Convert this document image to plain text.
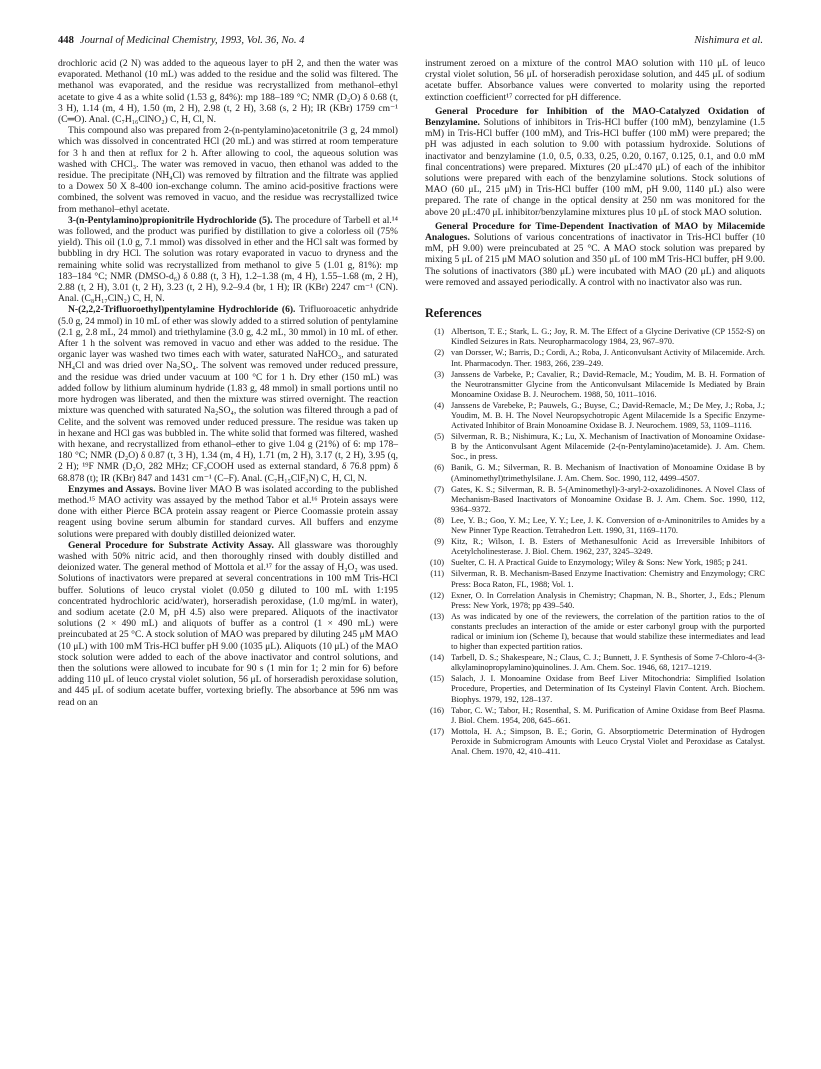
448 Journal of Medicinal Chemistry, 1993, Vol. 36, No. 4	Nishimura et al.

drochloric acid (2 N) was added to the aqueous layer to pH 2, and then the water was evaporated. Methanol (10 mL) was added to the residue and the solid was filtered. The methanol was evaporated, and the residue was recrystallized from methanol–ethyl acetate to give 4 as a white solid (1.53 g, 84%): mp 188–189 °C; NMR (D₂O) δ 0.68 (t, 3 H), 1.14 (m, 4 H), 1.50 (m, 2 H), 2.98 (t, 2 H), 3.68 (s, 2 H); IR (KBr) 1759 cm⁻¹ (C═O). Anal. (C₇H₁₆ClNO₂) C, H, Cl, N.

This compound also was prepared from 2-(n-pentylamino)acetonitrile (3 g, 24 mmol) which was dissolved in concentrated HCl (20 mL) and was stirred at room temperature for 3 h and then at reflux for 2 h. After allowing to cool, the aqueous solution was washed with CHCl₃. The water was removed in vacuo, then ethanol was added to the residue. The precipitate (NH₄Cl) was removed by filtration and the filtrate was applied to a Dowex 50 X 8-400 ion-exchange column. The amino acid-positive fractions were combined, the solvent was removed in vacuo, and the residue was recrystallized twice from methanol–ethyl acetate.

3-(n-Pentylamino)propionitrile Hydrochloride (5). The procedure of Tarbell et al.¹⁴ was followed, and the product was purified by distillation to give a colorless oil (75% yield). This oil (1.0 g, 7.1 mmol) was dissolved in ether and the HCl salt was formed by bubbling in dry HCl. The solution was rotary evaporated in vacuo to dryness and the remaining white solid was recrystallized from methanol to give 5 (1.01 g, 81%): mp 183–184 °C; NMR (DMSO-d₆) δ 0.88 (t, 3 H), 1.2–1.38 (m, 4 H), 1.55–1.68 (m, 2 H), 2.88 (t, 2 H), 3.01 (t, 2 H), 3.23 (t, 2 H), 9.2–9.4 (br, 1 H); IR (KBr) 2247 cm⁻¹ (CN). Anal. (C₈H₁₇ClN₂) C, H, N.

N-(2,2,2-Trifluoroethyl)pentylamine Hydrochloride (6). Trifluoroacetic anhydride (5.0 g, 24 mmol) in 10 mL of ether was slowly added to a stirred solution of pentylamine (2.1 g, 2.8 mL, 24 mmol) and triethylamine (3.0 g, 4.2 mL, 30 mmol) in 10 mL of ether. After 1 h the solvent was removed in vacuo and ether was added to the residue. The organic layer was washed two times each with water, saturated NaHCO₃, and saturated NH₄Cl and was dried over Na₂SO₄. The solvent was removed under reduced pressure, and the residue was dried under vacuum at 100 °C for 1 h. Dry ether (150 mL) was added follow by lithium aluminum hydride (1.83 g, 48 mmol) in small portions until no more hydrogen was liberated, and then the mixture was stirred overnight. The reaction mixture was quenched with saturated Na₂SO₄, the solution was filtered through a pad of Celite, and the solvent was removed under reduced pressure. The residue was taken up in hexane and HCl gas was bubbled in. The white solid that formed was filtered, washed with hexane, and recrystallized from ethanol–ether to give 1.04 g (21%) of 6: mp 178–180 °C; NMR (D₂O) δ 0.87 (t, 3 H), 1.34 (m, 4 H), 1.71 (m, 2 H), 3.17 (t, 2 H), 3.95 (q, 2 H); ¹⁹F NMR (D₂O, 282 MHz; CF₃COOH used as external standard, δ 76.8 ppm) δ 68.878 (t); IR (KBr) 847 and 1431 cm⁻¹ (C–F). Anal. (C₇H₁₅ClF₃N) C, H, Cl, N.

Enzymes and Assays. Bovine liver MAO B was isolated according to the published method.¹⁵ MAO activity was assayed by the method Tabor et al.¹⁶ Protein assays were done with either Pierce BCA protein assay reagent or Pierce Coomassie protein assay reagent using bovine serum albumin for standard curves. All buffers and enzyme solutions were prepared with doubly distilled deionized water.

General Procedure for Substrate Activity Assay. All glassware was thoroughly washed with 50% nitric acid, and then thoroughly rinsed with doubly distilled and deionized water. The general method of Mottola et al.¹⁷ for the assay of H₂O₂ was used. Solutions of inactivators were prepared at several concentrations in 100 mM Tris-HCl buffer. Solutions of leuco crystal violet (0.050 g diluted to 100 mL with 1:195 concentrated hydrochloric acid/water), horseradish peroxidase, (1.0 mg/mL in water), and sodium acetate (2.0 M, pH 4.5) also were prepared. Aliquots of the inactivator solutions (2 × 490 mL) and aliquots of buffer as a control (1 × 490 mL) were preincubated at 25 °C. A stock solution of MAO was prepared by diluting 245 μM MAO (10 μL) with 100 mM Tris-HCl buffer pH 9.00 (1035 μL). Aliquots (10 μL) of the MAO stock solution were added to each of the above inactivator and control solutions, and then the solutions were allowed to incubate for 90 s (1 min for 1; 2 min for 6) before adding 110 μL of leuco crystal violet solution, 56 μL of horseradish peroxidase solution, and 445 μL of sodium acetate buffer, vortexing briefly. The absorbance at 596 nm was read on an

instrument zeroed on a mixture of the control MAO solution with 110 μL of leuco crystal violet solution, 56 μL of horseradish peroxidase solution, and 445 μL of sodium acetate buffer. Absorbance values were converted to molarity using the reported extinction coefficient¹⁷ corrected for pH difference.

General Procedure for Inhibition of the MAO-Catalyzed Oxidation of Benzylamine. Solutions of inhibitors in Tris-HCl buffer (100 mM), benzylamine (1.5 mM) in Tris-HCl buffer (100 mM), and Tris-HCl buffer (100 mM) were prepared; the pH was adjusted in each solution to 9.00 with potassium hydroxide. Solutions of inactivator and benzylamine (1.0, 0.5, 0.33, 0.25, 0.20, 0.167, 0.125, 0.1, and 0.0 mM final concentrations) were prepared. Mixtures (20 μL:470 μL) of each of the inhibitor solutions were prepared with each of the benzylamine solutions. Stock solutions of MAO (60 μL, 215 μM) in Tris-HCl buffer (100 mM, pH 9.00, 1140 μL) also were prepared. The rate of change in the optical density at 250 nm was monitored for the above 20 μL:470 μL inhibitor/benzylamine mixtures plus 10 μL of stock MAO solution.

General Procedure for Time-Dependent Inactivation of MAO by Milacemide Analogues. Solutions of various concentrations of inactivator in Tris-HCl buffer (10 mM, pH 9.00) were preincubated at 25 °C. A MAO stock solution was prepared by mixing 5 μL of 215 μM MAO solution and 350 μL of 100 mM Tris-HCl buffer, pH 9.00. The solutions of inactivators (380 μL) were incubated with MAO (20 μL) and aliquots were removed and assayed periodically. A control with no inactivator also was run.

References
(1) Albertson, T. E.; Stark, L. G.; Joy, R. M. The Effect of a Glycine Derivative (CP 1552-S) on Kindled Seizures in Rats. Neuropharmacology 1984, 23, 967–970.
(2) van Dorsser, W.; Barris, D.; Cordi, A.; Roba, J. Anticonvulsant Activity of Milacemide. Arch. Int. Pharmacodyn. Ther. 1983, 266, 239–249.
(3) Janssens de Varbeke, P.; Cavalier, R.; David-Remacle, M.; Youdim, M. B. H. Formation of the Neurotransmitter Glycine from the Anticonvulsant Milacemide Is Mediated by Brain Monoamine Oxidase B. J. Neurochem. 1988, 50, 1011–1016.
(4) Janssens de Varebeke, P.; Pauwels, G.; Buyse, C.; David-Remacle, M.; De Mey, J.; Roba, J.; Youdim, M. B. H. The Novel Neuropsychotropic Agent Milacemide Is a Specific Enzyme-Activated Inhibitor of Brain Monoamine Oxidase B. J. Neurochem. 1989, 53, 1109–1116.
(5) Silverman, R. B.; Nishimura, K.; Lu, X. Mechanism of Inactivation of Monoamine Oxidase-B by the Anticonvulsant Agent Milacemide (2-(n-Pentylamino)acetamide). J. Am. Chem. Soc., in press.
(6) Banik, G. M.; Silverman, R. B. Mechanism of Inactivation of Monoamine Oxidase B by (Aminomethyl)trimethylsilane. J. Am. Chem. Soc. 1990, 112, 4499–4507.
(7) Gates, K. S.; Silverman, R. B. 5-(Aminomethyl)-3-aryl-2-oxazolidinones. A Novel Class of Mechanism-Based Inactivators of Monoamine Oxidase B. J. Am. Chem. Soc. 1990, 112, 9364–9372.
(8) Lee, Y. B.; Goo, Y. M.; Lee, Y. Y.; Lee, J. K. Conversion of α-Aminonitriles to Amides by a New Pinner Type Reaction. Tetrahedron Lett. 1990, 31, 1169–1170.
(9) Kitz, R.; Wilson, I. B. Esters of Methanesulfonic Acid as Irreversible Inhibitors of Acetylcholinesterase. J. Biol. Chem. 1962, 237, 3245–3249.
(10) Suelter, C. H. A Practical Guide to Enzymology; Wiley & Sons: New York, 1985; p 241.
(11) Silverman, R. B. Mechanism-Based Enzyme Inactivation: Chemistry and Enzymology; CRC Press: Boca Raton, FL, 1988; Vol. 1.
(12) Exner, O. In Correlation Analysis in Chemistry; Chapman, N. B., Shorter, J., Eds.; Plenum Press: New York, 1978; pp 439–540.
(13) As was indicated by one of the reviewers, the correlation of the partition ratios to the σI constants precludes an interaction of the amide or ester carbonyl group with the purported radical or iminium ion (Scheme I), because that would stabilize these intermediates and lead to higher than expected partition ratios.
(14) Tarbell, D. S.; Shakespeare, N.; Claus, C. J.; Bunnett, J. F. Synthesis of Some 7-Chloro-4-(3-alkylaminopropylamino)quinolines. J. Am. Chem. Soc. 1946, 68, 1217–1219.
(15) Salach, J. I. Monoamine Oxidase from Beef Liver Mitochondria: Simplified Isolation Procedure, Properties, and Determination of Its Cysteinyl Flavin Content. Arch. Biochem. Biophys. 1979, 192, 128–137.
(16) Tabor, C. W.; Tabor, H.; Rosenthal, S. M. Purification of Amine Oxidase from Beef Plasma. J. Biol. Chem. 1954, 208, 645–661.
(17) Mottola, H. A.; Simpson, B. E.; Gorin, G. Absorptiometric Determination of Hydrogen Peroxide in Submicrogram Amounts with Leuco Crystal Violet and Peroxidase as Catalyst. Anal. Chem. 1970, 42, 410–411.
